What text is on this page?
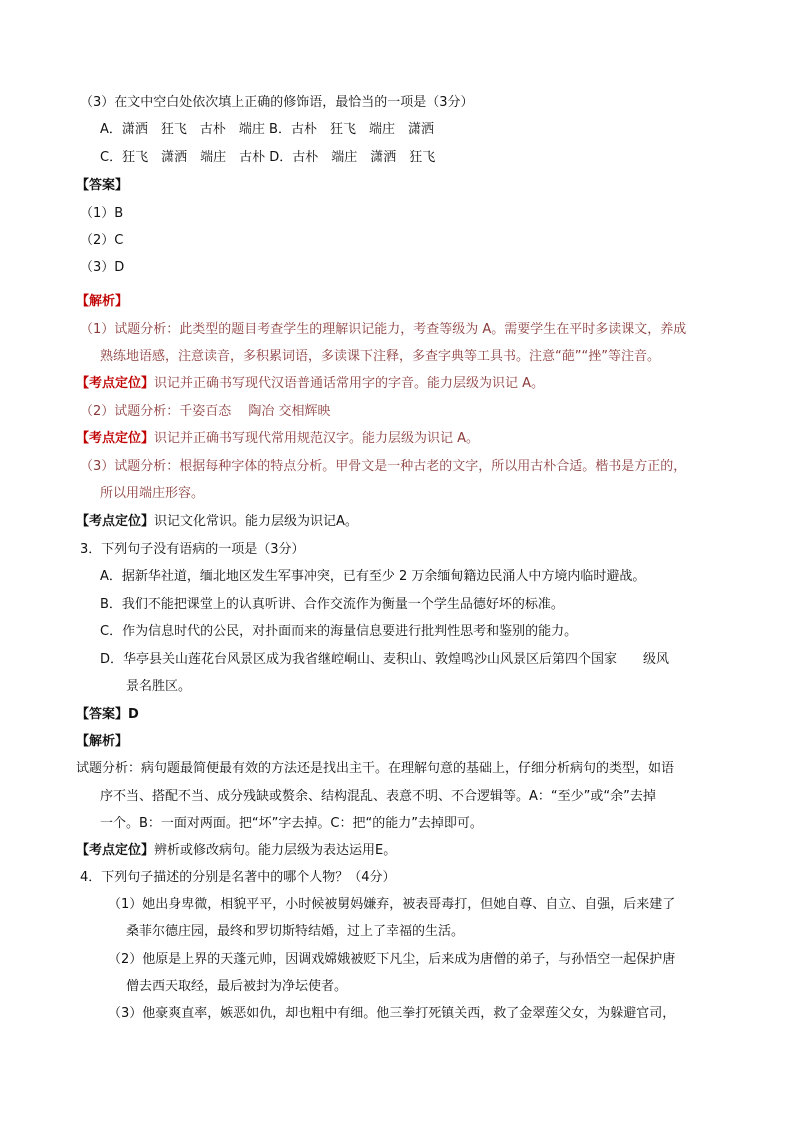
（3）在文中空白处依次填上正确的修饰语，最恰当的一项是（3分）
A．潇洒　狂飞　古朴　端庄 B．古朴　狂飞　端庄　潇洒
C．狂飞　潇洒　端庄　古朴 D．古朴　端庄　潇洒　狂飞
【答案】
（1）B
（2）C
（3）D
【解析】
（1）试题分析：此类型的题目考查学生的理解识记能力，考查等级为 A。需要学生在平时多读课文，养成
熟练地语感，注意读音，多积累词语，多读课下注释，多查字典等工具书。注意“葩”“挫”等注音。
【考点定位】识记并正确书写现代汉语普通话常用字的字音。能力层级为识记 A。
（2）试题分析：千姿百态　 陶冶 交相辉映
【考点定位】识记并正确书写现代常用规范汉字。能力层级为识记 A。
（3）试题分析：根据每种字体的特点分析。甲骨文是一种古老的文字，所以用古朴合适。楷书是方正的，
所以用端庄形容。
【考点定位】识记文化常识。能力层级为识记A。
3．下列句子没有语病的一项是（3分）
A．据新华社道，缅北地区发生军事冲突，已有至少 2 万余缅甸籍边民涌人中方境内临时避战。
B．我们不能把课堂上的认真听讲、合作交流作为衡量一个学生品德好坏的标准。
C．作为信息时代的公民，对扑面而来的海量信息要进行批判性思考和鉴别的能力。
D．华亭县关山莲花台风景区成为我省继崆峒山、麦积山、敦煌鸣沙山风景区后第四个国家　　级风
景名胜区。
【答案】D
【解析】
试题分析：病句题最简便最有效的方法还是找出主干。在理解句意的基础上，仔细分析病句的类型，如语
序不当、搭配不当、成分残缺或赘余、结构混乱、表意不明、不合逻辑等。A：“至少”或“余”去掉
一个。B：一面对两面。把“坏”字去掉。C：把“的能力”去掉即可。
【考点定位】辨析或修改病句。能力层级为表达运用E。
4．下列句子描述的分别是名著中的哪个人物？（4分）
（1）她出身卑微，相貌平平，小时候被舅妈嫌弃，被表哥毒打，但她自尊、自立、自强，后来建了
桑菲尔德庄园，最终和罗切斯特结婚，过上了幸福的生活。
（2）他原是上界的天蓬元帅，因调戏嫦娥被贬下凡尘，后来成为唐僧的弟子，与孙悟空一起保护唐
僧去西天取经，最后被封为净坛使者。
（3）他豪爽直率，嫉恶如仇，却也粗中有细。他三拳打死镇关西，救了金翠莲父女，为躲避官司，
